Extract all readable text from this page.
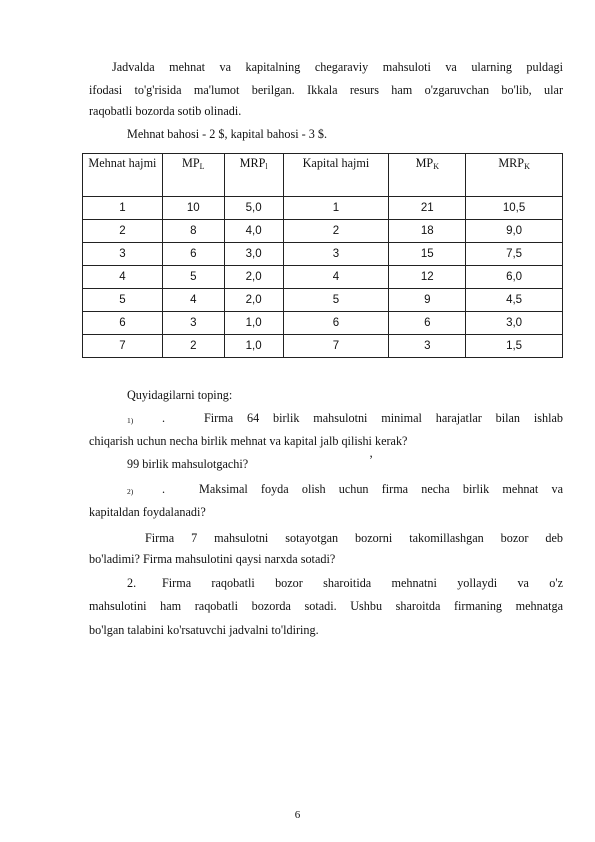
Jadvalda mehnat va kapitalning chegaraviy mahsuloti va ularning puldagi
ifodasi to'g'risida ma'lumot berilgan. Ikkala resurs ham o'zgaruvchan bo'lib, ular
raqobatli bozorda sotib olinadi.
Mehnat bahosi - 2 $, kapital bahosi - 3 $.
Mehnat hajmi	$MP_L$	$MRP_l$	Kapital hajmi	$MP_K$	$MRP_K$
1	10	5,0	1	21	10,5
2	8	4,0	2	18	9,0
3	6	3,0	3	15	7,5
4	5	2,0	4	12	6,0
5	4	2,0	5	9	4,5
6	3	1,0	6	6	3,0
7	2	1,0	7	3	1,5
Quyidagilarni toping:
1) .	Firma 64 birlik mahsulotni minimal harajatlar bilan ishlab
chiqarish uchun necha birlik mehnat va kapital jalb qilishi kerak?
99 birlik mahsulotgachi?	’
2) .	Maksimal foyda olish uchun firma necha birlik mehnat va
kapitaldan foydalanadi?
Firma 7 mahsulotni sotayotgan bozorni takomillashgan bozor deb
bo'ladimi? Firma mahsulotini qaysi narxda sotadi?
2. Firma raqobatli bozor sharoitida mehnatni yollaydi va o'z
mahsulotini ham raqobatli bozorda sotadi. Ushbu sharoitda firmaning mehnatga
bo'lgan talabini ko'rsatuvchi jadvalni to'ldiring.
6
